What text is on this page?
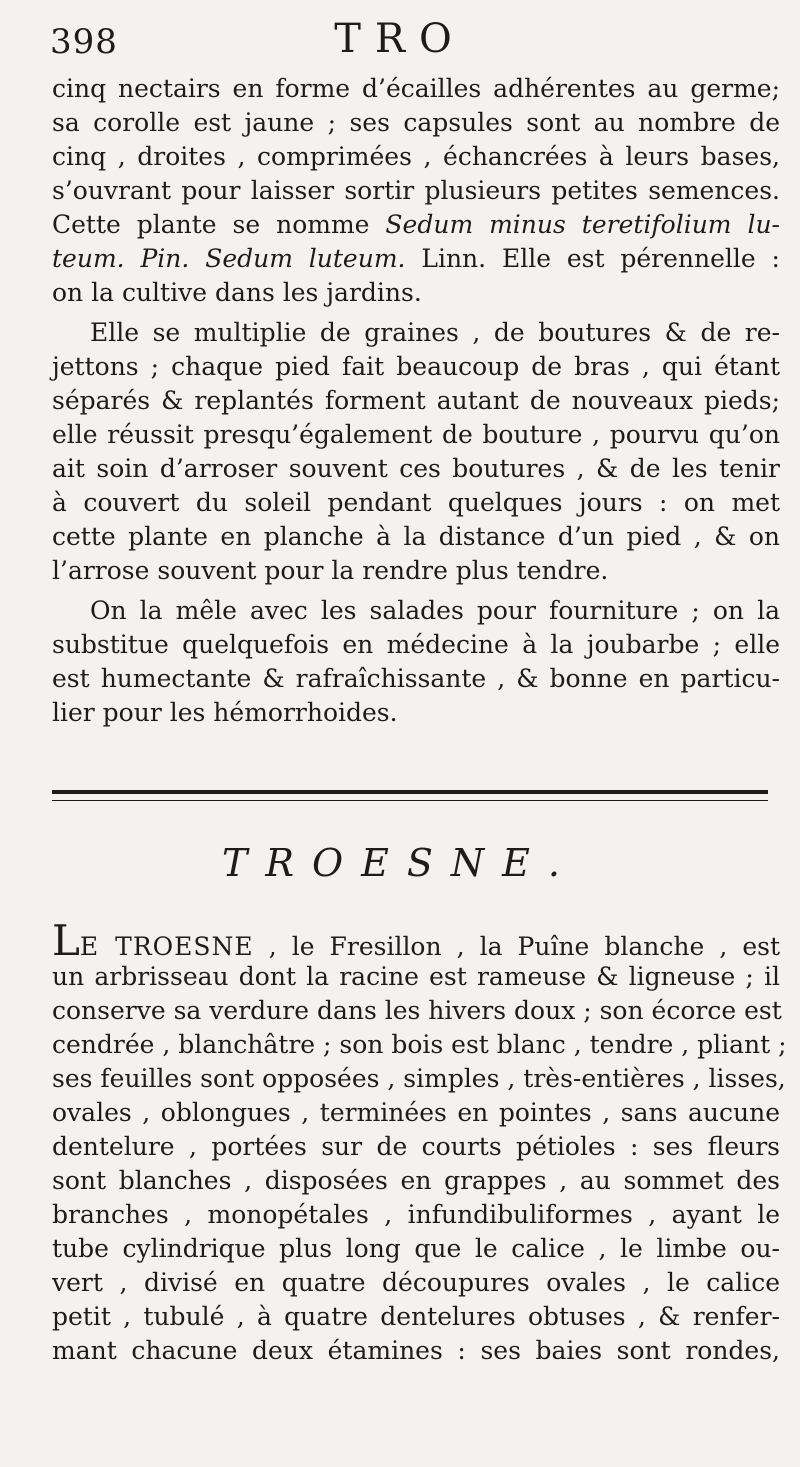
398	TRO
cinq nectairs en forme d’écailles adhérentes au germe;
sa corolle est jaune ; ses capsules sont au nombre de
cinq , droites , comprimées , échancrées à leurs bases,
s’ouvrant pour laisser sortir plusieurs petites semences.
Cette plante se nomme Sedum minus teretifolium lu-
teum. Pin. Sedum luteum. Linn. Elle est pérennelle :
on la cultive dans les jardins.
Elle se multiplie de graines , de boutures & de re-
jettons ; chaque pied fait beaucoup de bras , qui étant
séparés & replantés forment autant de nouveaux pieds;
elle réussit presqu’également de bouture , pourvu qu’on
ait soin d’arroser souvent ces boutures , & de les tenir
à couvert du soleil pendant quelques jours : on met
cette plante en planche à la distance d’un pied , & on
l’arrose souvent pour la rendre plus tendre.
On la mêle avec les salades pour fourniture ; on la
substitue quelquefois en médecine à la joubarbe ; elle
est humectante & rafraîchissante , & bonne en particu-
lier pour les hémorrhoides.
TROESNE.
LE TROESNE , le Fresillon , la Puîne blanche , est
un arbrisseau dont la racine est rameuse & ligneuse ; il
conserve sa verdure dans les hivers doux ; son écorce est
cendrée , blanchâtre ; son bois est blanc , tendre , pliant ;
ses feuilles sont opposées , simples , très-entières , lisses,
ovales , oblongues , terminées en pointes , sans aucune
dentelure , portées sur de courts pétioles : ses fleurs
sont blanches , disposées en grappes , au sommet des
branches , monopétales , infundibuliformes , ayant le
tube cylindrique plus long que le calice , le limbe ou-
vert , divisé en quatre découpures ovales , le calice
petit , tubulé , à quatre dentelures obtuses , & renfer-
mant chacune deux étamines : ses baies sont rondes,
